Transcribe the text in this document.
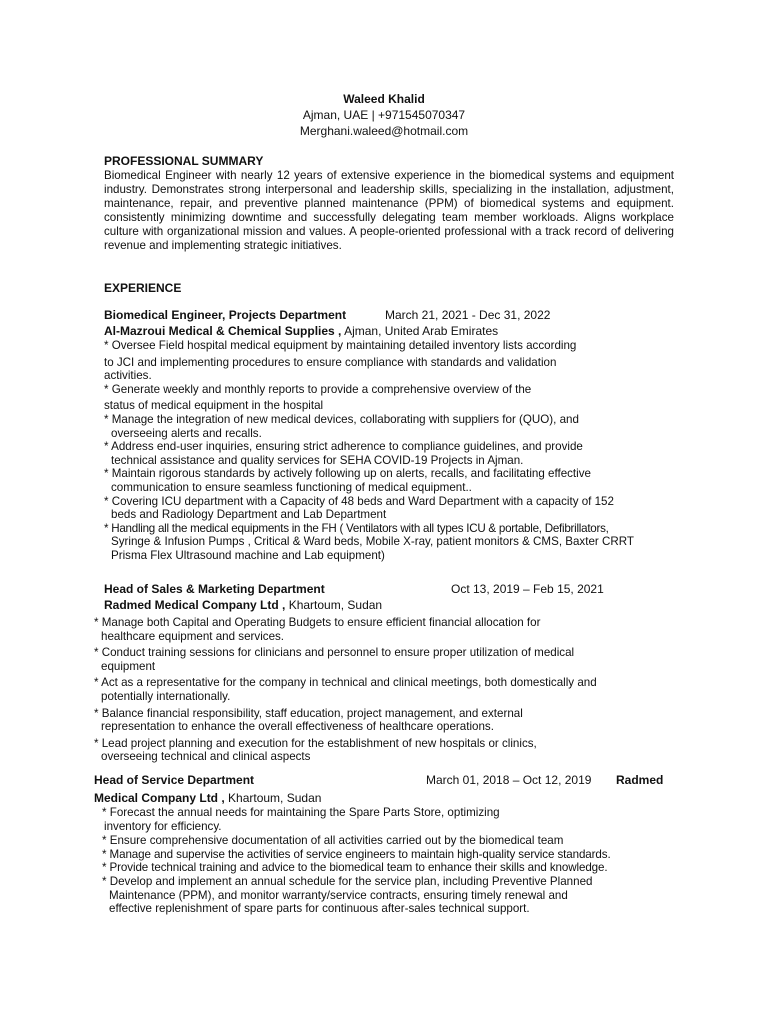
Waleed Khalid
Ajman, UAE | +971545070347
Merghani.waleed@hotmail.com
PROFESSIONAL SUMMARY
Biomedical Engineer with nearly 12 years of extensive experience in the biomedical systems and equipment industry. Demonstrates strong interpersonal and leadership skills, specializing in the installation, adjustment, maintenance, repair, and preventive planned maintenance (PPM) of biomedical systems and equipment. consistently minimizing downtime and successfully delegating team member workloads. Aligns workplace culture with organizational mission and values. A people-oriented professional with a track record of delivering revenue and implementing strategic initiatives.
EXPERIENCE
Biomedical Engineer, Projects Department	March 21, 2021 - Dec 31, 2022
Al-Mazroui Medical & Chemical Supplies , Ajman, United Arab Emirates
* Oversee Field hospital medical equipment by maintaining detailed inventory lists according
to JCI and implementing procedures to ensure compliance with standards and validation
activities.
* Generate weekly and monthly reports to provide a comprehensive overview of the
status of medical equipment in the hospital
* Manage the integration of new medical devices, collaborating with suppliers for (QUO), and
overseeing alerts and recalls.
* Address end-user inquiries, ensuring strict adherence to compliance guidelines, and provide
technical assistance and quality services for SEHA COVID-19 Projects in Ajman.
* Maintain rigorous standards by actively following up on alerts, recalls, and facilitating effective
communication to ensure seamless functioning of medical equipment..
* Covering ICU department with a Capacity of 48 beds and Ward Department with a capacity of 152
beds and Radiology Department and Lab Department
* Handling all the medical equipments in the FH ( Ventilators with all types ICU & portable, Defibrillators,
Syringe & Infusion Pumps , Critical & Ward beds, Mobile X-ray, patient monitors & CMS, Baxter CRRT
Prisma Flex Ultrasound machine and Lab equipment)
Head of Sales & Marketing Department	Oct 13, 2019 – Feb 15, 2021
Radmed Medical Company Ltd , Khartoum, Sudan
* Manage both Capital and Operating Budgets to ensure efficient financial allocation for
healthcare equipment and services.
* Conduct training sessions for clinicians and personnel to ensure proper utilization of medical
equipment
* Act as a representative for the company in technical and clinical meetings, both domestically and
potentially internationally.
* Balance financial responsibility, staff education, project management, and external
representation to enhance the overall effectiveness of healthcare operations.
* Lead project planning and execution for the establishment of new hospitals or clinics,
overseeing technical and clinical aspects
Head of Service Department	March 01, 2018 – Oct 12, 2019 Radmed
Medical Company Ltd , Khartoum, Sudan
* Forecast the annual needs for maintaining the Spare Parts Store, optimizing
inventory for efficiency.
* Ensure comprehensive documentation of all activities carried out by the biomedical team
* Manage and supervise the activities of service engineers to maintain high-quality service standards.
* Provide technical training and advice to the biomedical team to enhance their skills and knowledge.
* Develop and implement an annual schedule for the service plan, including Preventive Planned
Maintenance (PPM), and monitor warranty/service contracts, ensuring timely renewal and
effective replenishment of spare parts for continuous after-sales technical support.
